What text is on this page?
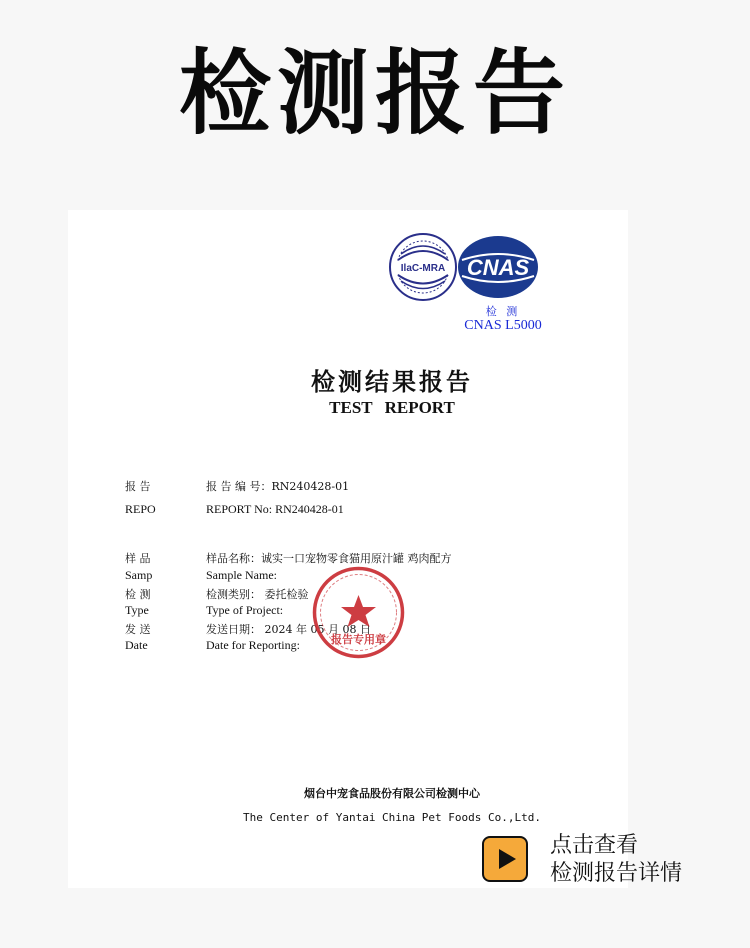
检测报告
IlaC-MRA CNAS
检 测
CNAS L5000
检测结果报告
TEST REPORT
报 告	报 告 编 号：RN240428-01
REPO	REPORT No: RN240428-01
样 品	样品名称：诚实一口宠物零食猫用原汁罐 鸡肉配方
Samp	Sample Name:
检 测	检测类别： 委托检验
Type	Type of Project:
发 送	发送日期： 2024 年 05 月 08 日
Date	Date for Reporting:	报告专用章
烟台中宠食品股份有限公司检测中心
The Center of Yantai China Pet Foods Co.,Ltd.
点击查看
检测报告详情
